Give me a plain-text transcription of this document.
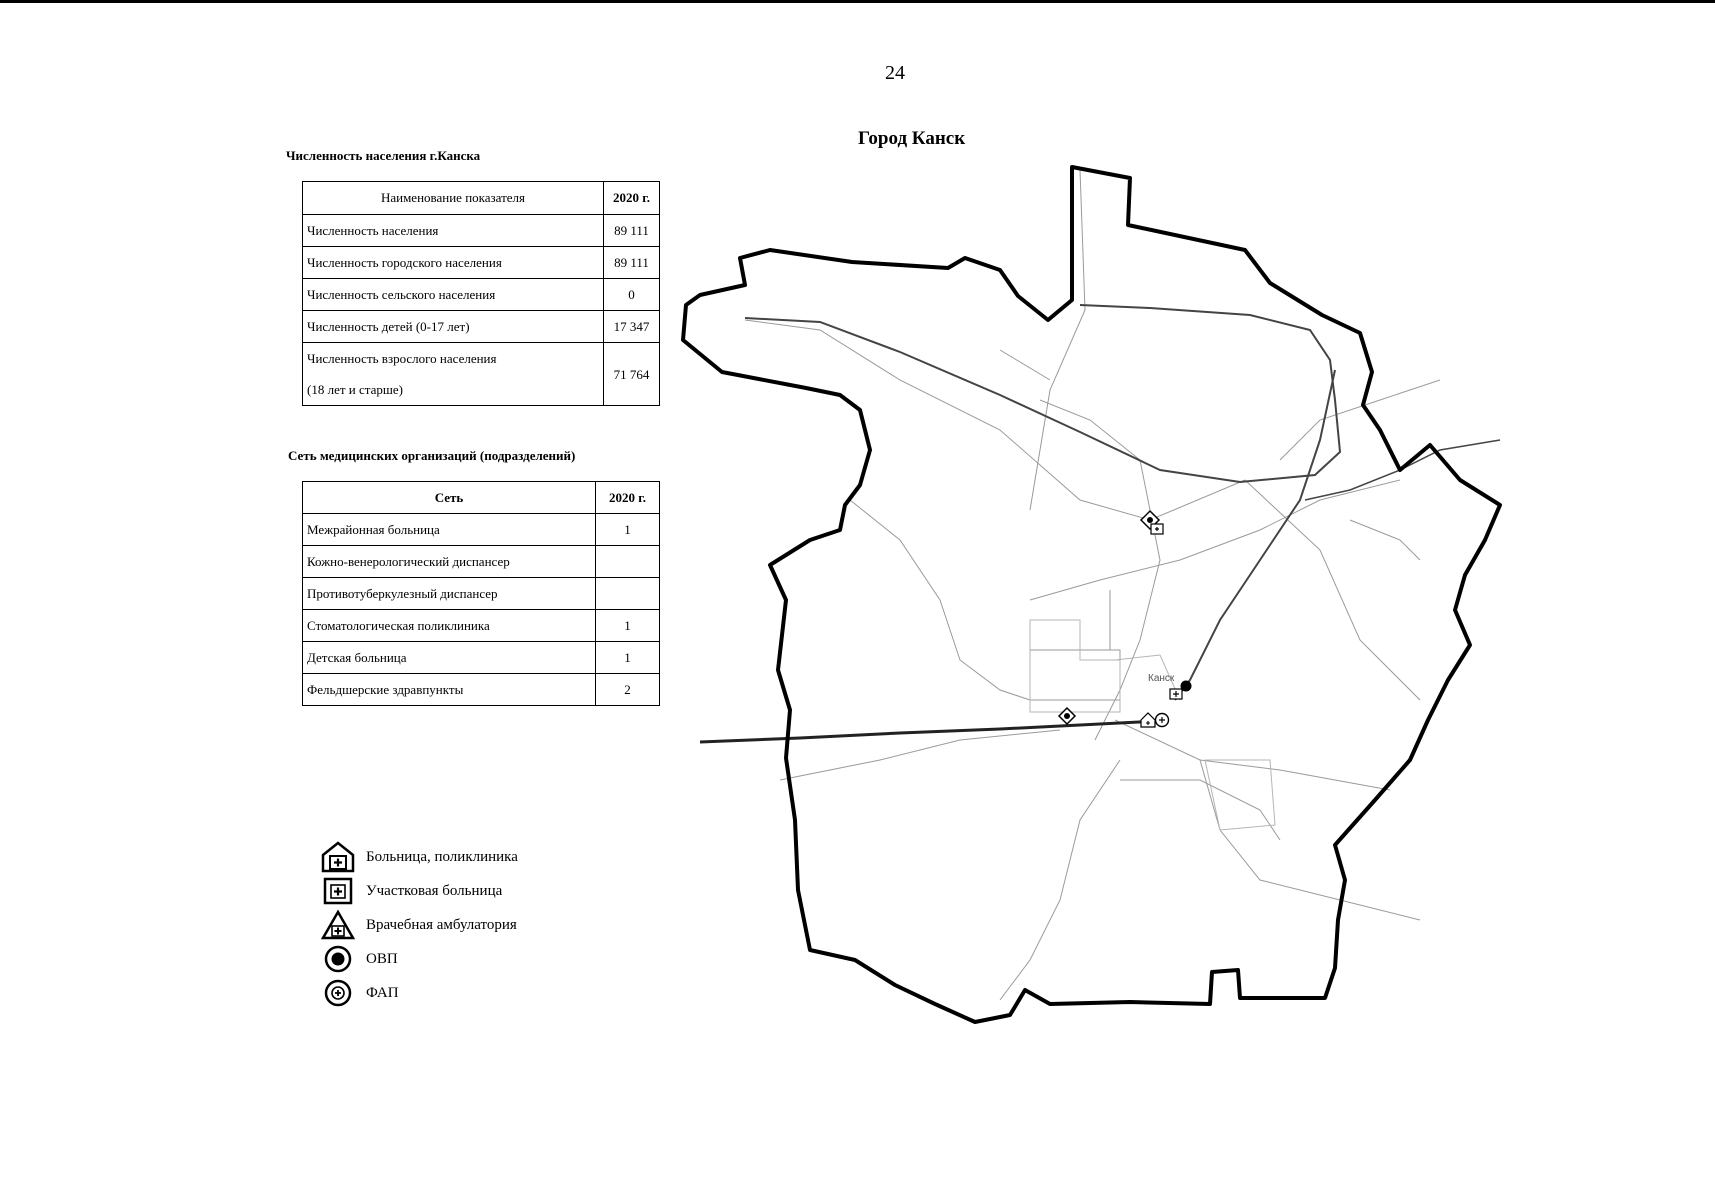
24
Город Канск
Канск
Численность населения г.Канска
Наименование показателя	2020 г.
Численность населения	89 111
Численность городского населения	89 111
Численность сельского населения	0
Численность детей (0-17 лет)	17 347

Численность взрослого населения
(18 лет и старше)	71 764
Сеть медицинских организаций (подразделений)
Сеть	2020 г.
Межрайонная больница	1
Кожно-венерологический диспансер	
Противотуберкулезный диспансер	
Стоматологическая поликлиника	1
Детская больница	1
Фельдшерские здравпункты	2
Больница, поликлиника
Участковая больница
Врачебная амбулатория
ОВП
ФАП
